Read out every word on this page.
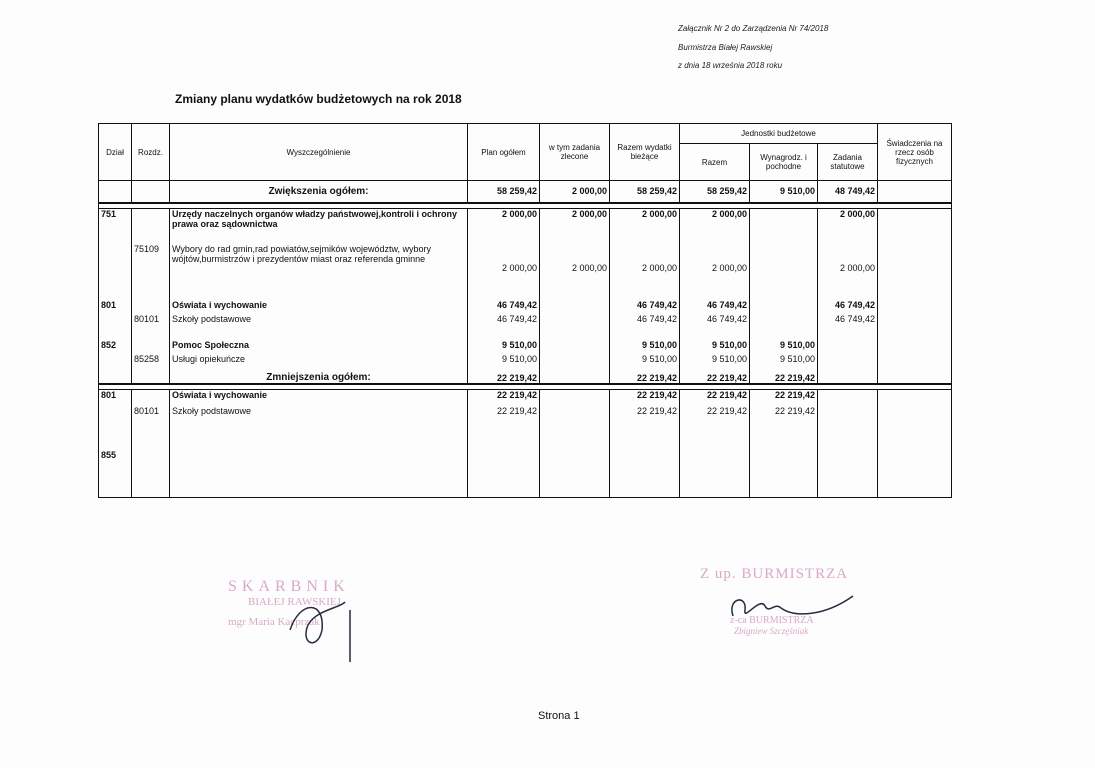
Załącznik Nr 2 do Zarządzenia Nr 74/2018
Burmistrza Białej Rawskiej
z dnia 18 września 2018 roku
Zmiany planu wydatków budżetowych na rok 2018
Dział	Rozdz.	Wyszczególnienie	Plan ogółem	w tym zadania zlecone	Razem wydatki bieżące	Jednostki budżetowe			Świadczenia na rzecz osób fizycznych
						Razem	Wynagrodz. i pochodne	Zadania statutowe	
		Zwiększenia ogółem:	58 259,42	2 000,00	58 259,42	58 259,42	9 510,00	48 749,42	

751		Urzędy naczelnych organów władzy państwowej,kontroli i ochrony prawa oraz sądownictwa	2 000,00	2 000,00	2 000,00	2 000,00		2 000,00	
	75109	Wybory do rad gmin,rad powiatów,sejmików województw, wybory wójtów,burmistrzów i prezydentów miast oraz referenda gminne	2 000,00	2 000,00	2 000,00	2 000,00		2 000,00	

801		Oświata i wychowanie	46 749,42		46 749,42	46 749,42		46 749,42	
	80101	Szkoły podstawowe	46 749,42		46 749,42	46 749,42		46 749,42	

852		Pomoc Społeczna	9 510,00		9 510,00	9 510,00	9 510,00		
	85258	Usługi opiekuńcze	9 510,00		9 510,00	9 510,00	9 510,00		
		Zmniejszenia ogółem:	22 219,42		22 219,42	22 219,42	22 219,42		

801		Oświata i wychowanie	22 219,42		22 219,42	22 219,42	22 219,42		
	80101	Szkoły podstawowe	22 219,42		22 219,42	22 219,42	22 219,42		

855									
SKARBNIK
BIAŁEJ RAWSKIEJ
mgr Maria Kacprzak
Z up. BURMISTRZA
z-ca BURMISTRZA
Zbigniew Szczęśniak
Strona 1
